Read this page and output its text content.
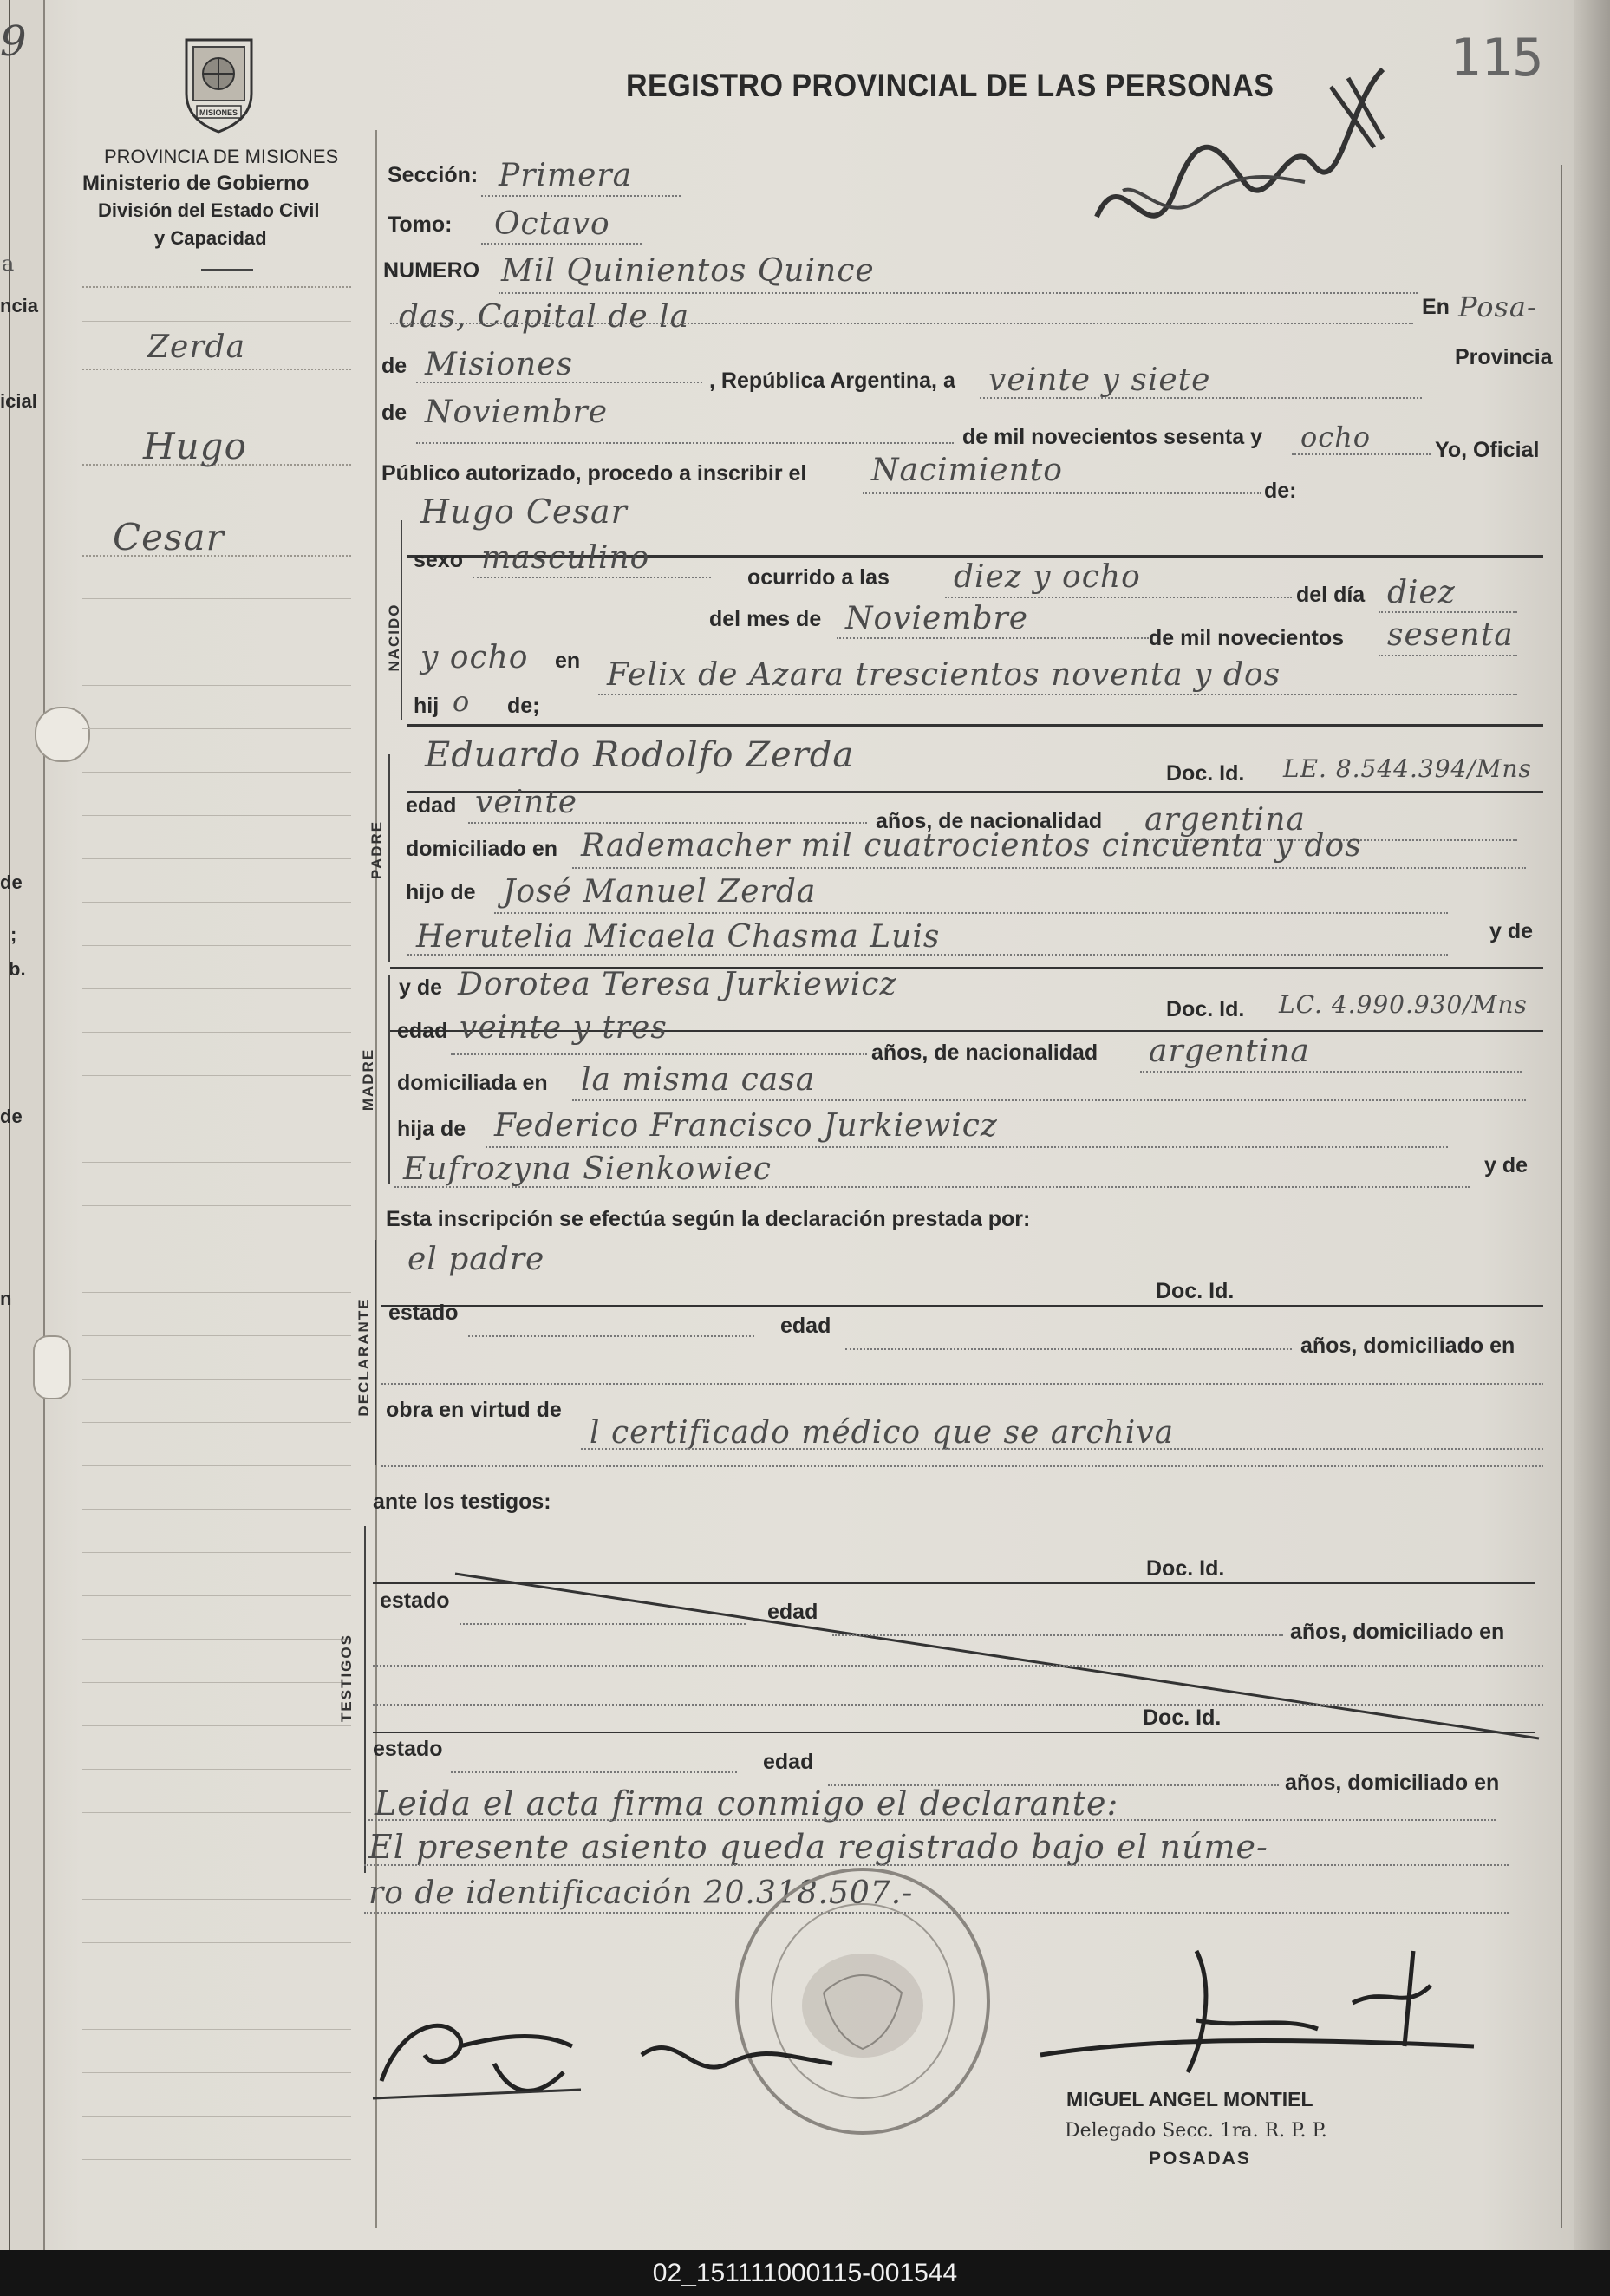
9
a
ncia
icial
de
;
b.
de
n
MISIONES
115
REGISTRO PROVINCIAL DE LAS PERSONAS
PROVINCIA DE MISIONES
Ministerio de Gobierno
División del Estado Civil
y Capacidad
Zerda
Hugo
Cesar
Sección: Primera
Tomo: Octavo
NUMERO Mil Quinientos Quince
das, Capital de la	En Posa-
de Misiones	Provincia
, República Argentina, a veinte y siete
de Noviembre
de mil novecientos sesenta y ocho	Yo, Oficial
Público autorizado, procedo a inscribir el Nacimiento
de:
Hugo Cesar
NACIDO
sexo masculino
ocurrido a las diez y ocho	del día diez
del mes de Noviembre
de mil novecientos sesenta
y ocho en Felix de Azara trescientos noventa y dos
hij o de;
PADRE
Eduardo Rodolfo Zerda	Doc. Id. LE. 8.544.394/Mns
edad veinte
años, de nacionalidad argentina
domiciliado en Rademacher mil cuatrocientos cincuenta y dos
hijo de José Manuel Zerda
Herutelia Micaela Chasma Luis	y de
MADRE
y de Dorotea Teresa Jurkiewicz
Doc. Id. LC. 4.990.930/Mns
edad veinte y tres
años, de nacionalidad argentina
domiciliada en la misma casa
hija de Federico Francisco Jurkiewicz
Eufrozyna Sienkowiec	y de
Esta inscripción se efectúa según la declaración prestada por:
DECLARANTE
el padre
Doc. Id.
estado
edad
años, domiciliado en
obra en virtud de
l certificado médico que se archiva
ante los testigos:
TESTIGOS
Doc. Id.
estado	edad
años, domiciliado en
Doc. Id.
estado
edad
años, domiciliado en
Leida el acta firma conmigo el declarante:
El presente asiento queda registrado bajo el núme-
ro de identificación 20.318.507.-
MIGUEL ANGEL MONTIEL
Delegado Secc. 1ra. R. P. P.
POSADAS
02_151111000115-001544
